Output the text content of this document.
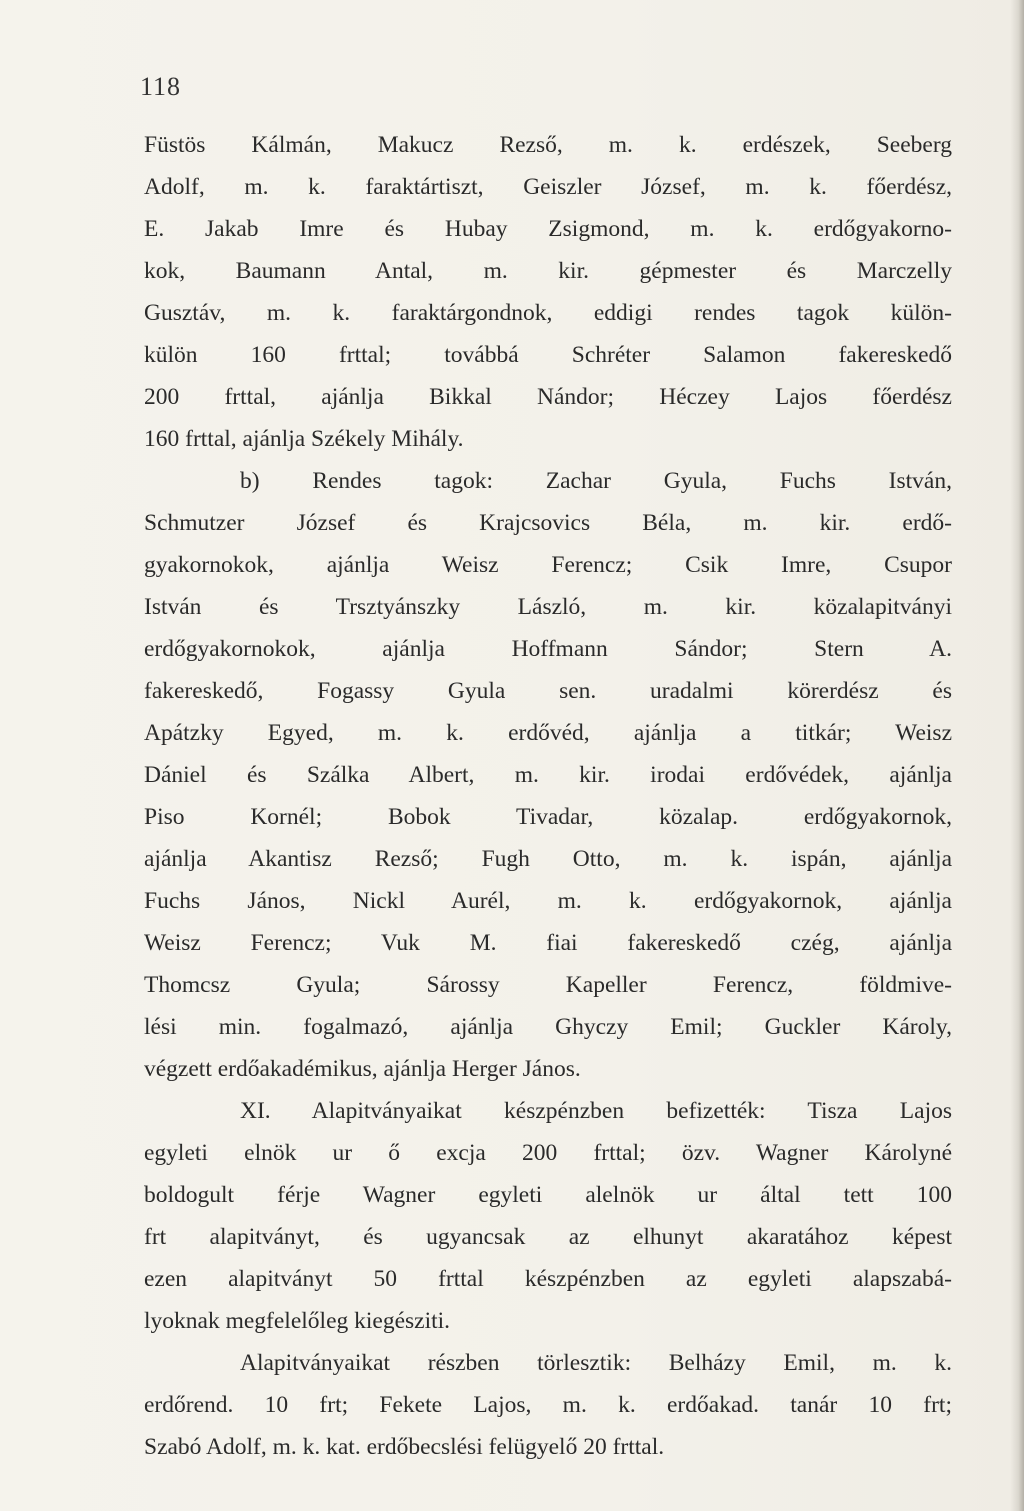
118
Füstös Kálmán, Makucz Rezső, m. k. erdészek, Seeberg
Adolf, m. k. faraktártiszt, Geiszler József, m. k. főerdész,
E. Jakab Imre és Hubay Zsigmond, m. k. erdőgyakorno-
kok, Baumann Antal, m. kir. gépmester és Marczelly
Gusztáv, m. k. faraktárgondnok, eddigi rendes tagok külön-
külön 160 frttal; továbbá Schréter Salamon fakereskedő
200 frttal, ajánlja Bikkal Nándor; Héczey Lajos főerdész
160 frttal, ajánlja Székely Mihály.
b) Rendes tagok: Zachar Gyula, Fuchs István,
Schmutzer József és Krajcsovics Béla, m. kir. erdő-
gyakornokok, ajánlja Weisz Ferencz; Csik Imre, Csupor
István és Trsztyánszky László, m. kir. közalapitványi
erdőgyakornokok, ajánlja Hoffmann Sándor; Stern A.
fakereskedő, Fogassy Gyula sen. uradalmi körerdész és
Apátzky Egyed, m. k. erdővéd, ajánlja a titkár; Weisz
Dániel és Szálka Albert, m. kir. irodai erdővédek, ajánlja
Piso Kornél; Bobok Tivadar, közalap. erdőgyakornok,
ajánlja Akantisz Rezső; Fugh Otto, m. k. ispán, ajánlja
Fuchs János, Nickl Aurél, m. k. erdőgyakornok, ajánlja
Weisz Ferencz; Vuk M. fiai fakereskedő czég, ajánlja
Thomcsz Gyula; Sárossy Kapeller Ferencz, földmive-
lési min. fogalmazó, ajánlja Ghyczy Emil; Guckler Károly,
végzett erdőakadémikus, ajánlja Herger János.
XI. Alapitványaikat készpénzben befizették: Tisza Lajos
egyleti elnök ur ő excja 200 frttal; özv. Wagner Károlyné
boldogult férje Wagner egyleti alelnök ur által tett 100
frt alapitványt, és ugyancsak az elhunyt akaratához képest
ezen alapitványt 50 frttal készpénzben az egyleti alapszabá-
lyoknak megfelelőleg kiegésziti.
Alapitványaikat részben törlesztik: Belházy Emil, m. k.
erdőrend. 10 frt; Fekete Lajos, m. k. erdőakad. tanár 10 frt;
Szabó Adolf, m. k. kat. erdőbecslési felügyelő 20 frttal.
